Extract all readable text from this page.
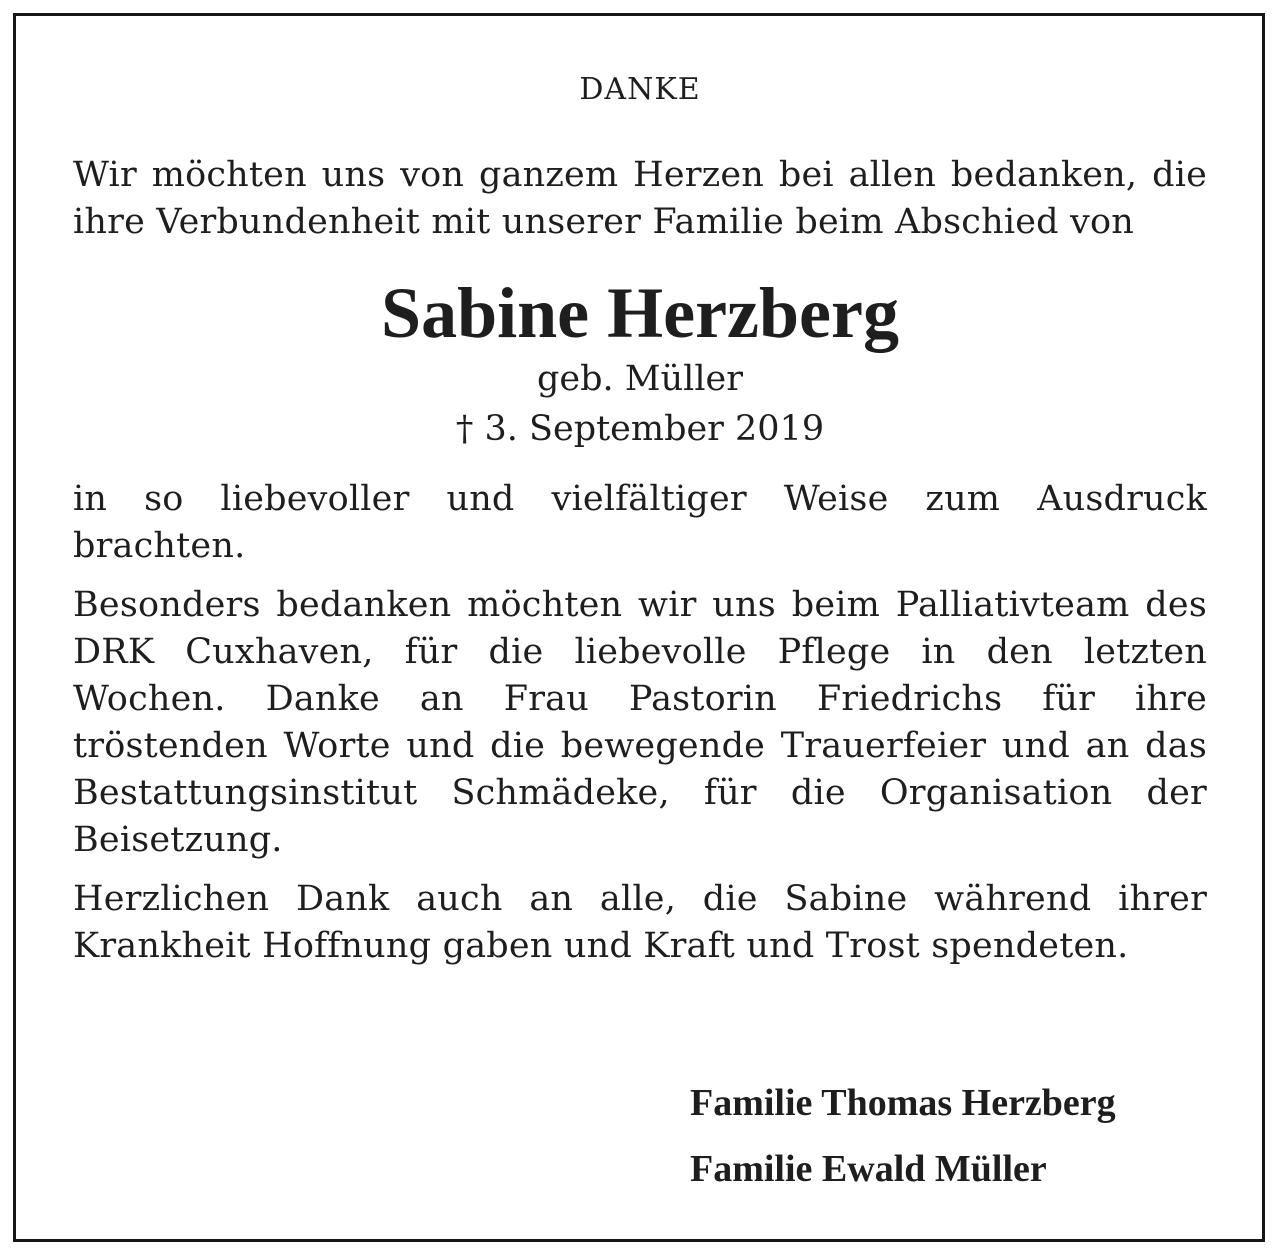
DANKE

Wir möchten uns von ganzem Herzen bei allen bedanken, die ihre Verbundenheit mit unserer Familie beim Abschied von

Sabine Herzberg
geb. Müller
† 3. September 2019

in so liebevoller und vielfältiger Weise zum Ausdruck brachten.

Besonders bedanken möchten wir uns beim Palliativteam des DRK Cuxhaven, für die liebevolle Pflege in den letzten Wochen. Danke an Frau Pastorin Friedrichs für ihre tröstenden Worte und die bewegende Trauerfeier und an das Bestattungsinstitut Schmädeke, für die Organisation der Beisetzung.

Herzlichen Dank auch an alle, die Sabine während ihrer Krankheit Hoffnung gaben und Kraft und Trost spendeten.

Familie Thomas Herzberg
Familie Ewald Müller
